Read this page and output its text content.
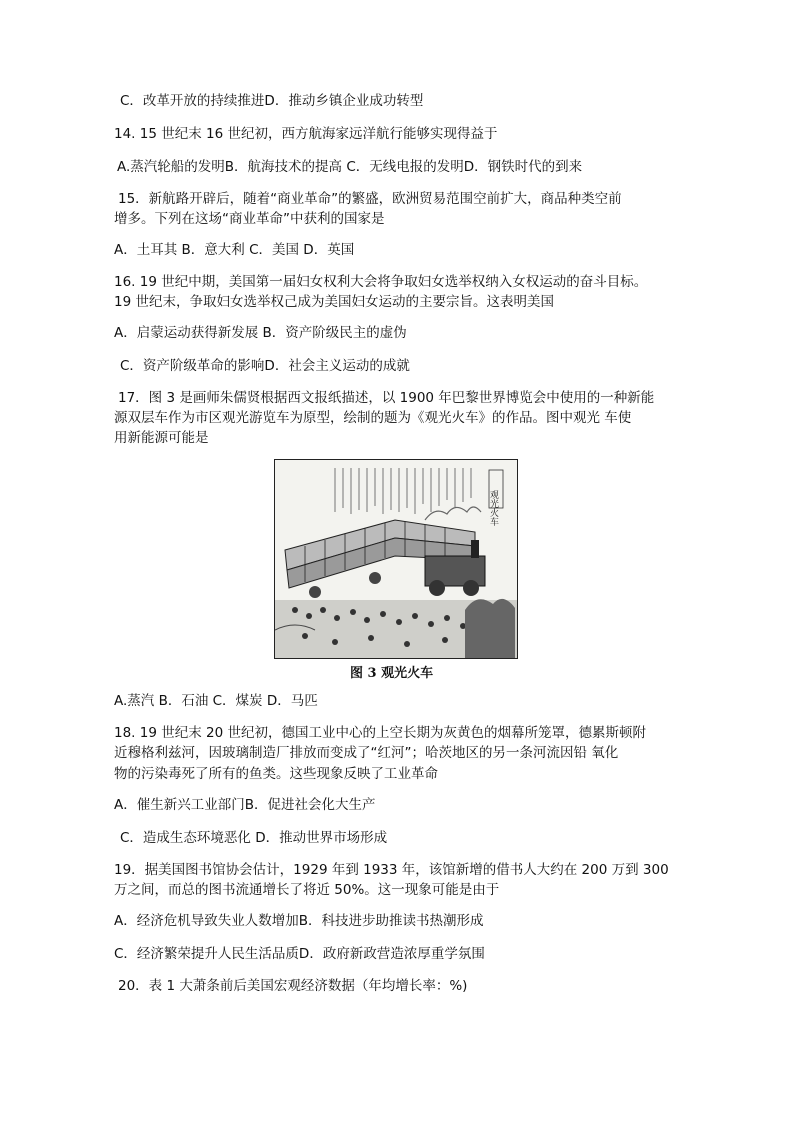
C．改革开放的持续推进D．推动乡镇企业成功转型
14. 15 世纪末 16 世纪初，西方航海家远洋航行能够实现得益于
A.蒸汽轮船的发明B．航海技术的提高 C．无线电报的发明D．钢铁时代的到来
15．新航路开辟后，随着“商业革命”的繁盛，欧洲贸易范围空前扩大，商品种类空前
增多。下列在这场“商业革命”中获利的国家是
A．土耳其 B．意大利 C．美国 D．英国
16. 19 世纪中期，美国第一届妇女权利大会将争取妇女选举权纳入女权运动的奋斗目标。
19 世纪末，争取妇女选举权己成为美国妇女运动的主要宗旨。这表明美国
A．启蒙运动获得新发展 B．资产阶级民主的虚伪
C．资产阶级革命的影响D．社会主义运动的成就
17．图 3 是画师朱儒贤根据西文报纸描述，以 1900 年巴黎世界博览会中使用的一种新能
源双层车作为市区观光游览车为原型，绘制的题为《观光火车》的作品。图中观光 车使
用新能源可能是
观光火车
图 3 观光火车
A.蒸汽 B．石油 C．煤炭 D．马匹
18. 19 世纪末 20 世纪初，德国工业中心的上空长期为灰黄色的烟幕所笼罩，德累斯顿附
近穆格利兹河，因玻璃制造厂排放而变成了“红河”；哈茨地区的另一条河流因铅 氧化
物的污染毒死了所有的鱼类。这些现象反映了工业革命
A．催生新兴工业部门B．促进社会化大生产
C．造成生态环境恶化 D．推动世界市场形成
19．据美国图书馆协会估计，1929 年到 1933 年，该馆新增的借书人大约在 200 万到 300
万之间，而总的图书流通增长了将近 50%。这一现象可能是由于
A．经济危机导致失业人数增加B．科技进步助推读书热潮形成
C．经济繁荣提升人民生活品质D．政府新政营造浓厚重学氛围
20．表 1 大萧条前后美国宏观经济数据（年均增长率：%)
